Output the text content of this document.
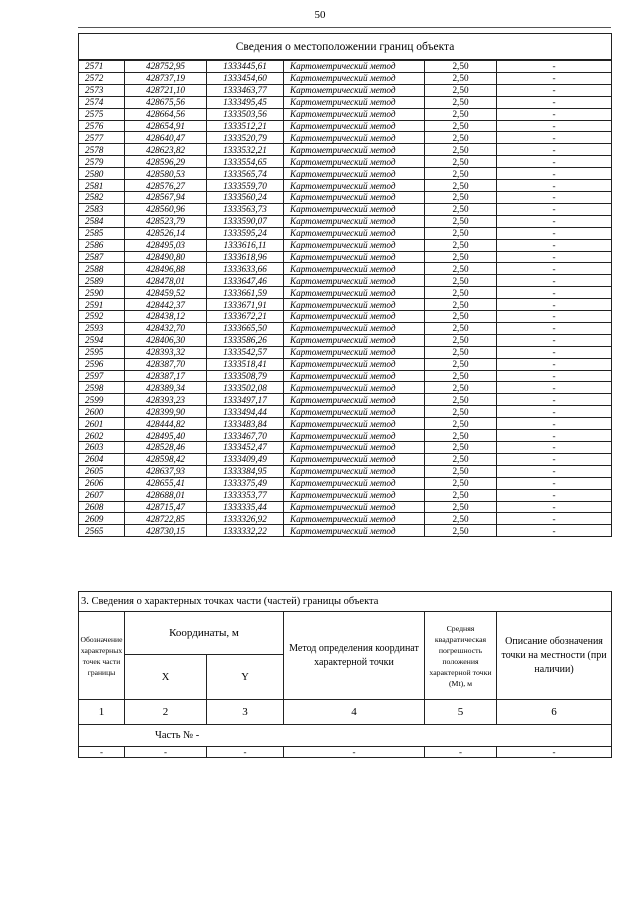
50
Сведения о местоположении границ объекта					
2571	428752,95	1333445,61	Картометрический метод	2,50	-
2572	428737,19	1333454,60	Картометрический метод	2,50	-
2573	428721,10	1333463,77	Картометрический метод	2,50	-
2574	428675,56	1333495,45	Картометрический метод	2,50	-
2575	428664,56	1333503,56	Картометрический метод	2,50	-
2576	428654,91	1333512,21	Картометрический метод	2,50	-
2577	428640,47	1333520,79	Картометрический метод	2,50	-
2578	428623,82	1333532,21	Картометрический метод	2,50	-
2579	428596,29	1333554,65	Картометрический метод	2,50	-
2580	428580,53	1333565,74	Картометрический метод	2,50	-
2581	428576,27	1333559,70	Картометрический метод	2,50	-
2582	428567,94	1333560,24	Картометрический метод	2,50	-
2583	428560,96	1333563,73	Картометрический метод	2,50	-
2584	428523,79	1333590,07	Картометрический метод	2,50	-
2585	428526,14	1333595,24	Картометрический метод	2,50	-
2586	428495,03	1333616,11	Картометрический метод	2,50	-
2587	428490,80	1333618,96	Картометрический метод	2,50	-
2588	428496,88	1333633,66	Картометрический метод	2,50	-
2589	428478,01	1333647,46	Картометрический метод	2,50	-
2590	428459,52	1333661,59	Картометрический метод	2,50	-
2591	428442,37	1333671,91	Картометрический метод	2,50	-
2592	428438,12	1333672,21	Картометрический метод	2,50	-
2593	428432,70	1333665,50	Картометрический метод	2,50	-
2594	428406,30	1333586,26	Картометрический метод	2,50	-
2595	428393,32	1333542,57	Картометрический метод	2,50	-
2596	428387,70	1333518,41	Картометрический метод	2,50	-
2597	428387,17	1333508,79	Картометрический метод	2,50	-
2598	428389,34	1333502,08	Картометрический метод	2,50	-
2599	428393,23	1333497,17	Картометрический метод	2,50	-
2600	428399,90	1333494,44	Картометрический метод	2,50	-
2601	428444,82	1333483,84	Картометрический метод	2,50	-
2602	428495,40	1333467,70	Картометрический метод	2,50	-
2603	428528,46	1333452,47	Картометрический метод	2,50	-
2604	428598,42	1333409,49	Картометрический метод	2,50	-
2605	428637,93	1333384,95	Картометрический метод	2,50	-
2606	428655,41	1333375,49	Картометрический метод	2,50	-
2607	428688,01	1333353,77	Картометрический метод	2,50	-
2608	428715,47	1333335,44	Картометрический метод	2,50	-
2609	428722,85	1333326,92	Картометрический метод	2,50	-
2565	428730,15	1333332,22	Картометрический метод	2,50	-
3. Сведения о характерных точках части (частей) границы объекта					
Обозначение характерных точек части границы	Координаты, м		Метод определения координат характерной точки	Средняя квадратическая погрешность положения характерной точки (Mt), м	Описание обозначения точки на местности (при наличии)
	X	Y			
1	2	3	4	5	6
Часть № -					
-	-	-	-	-	-
